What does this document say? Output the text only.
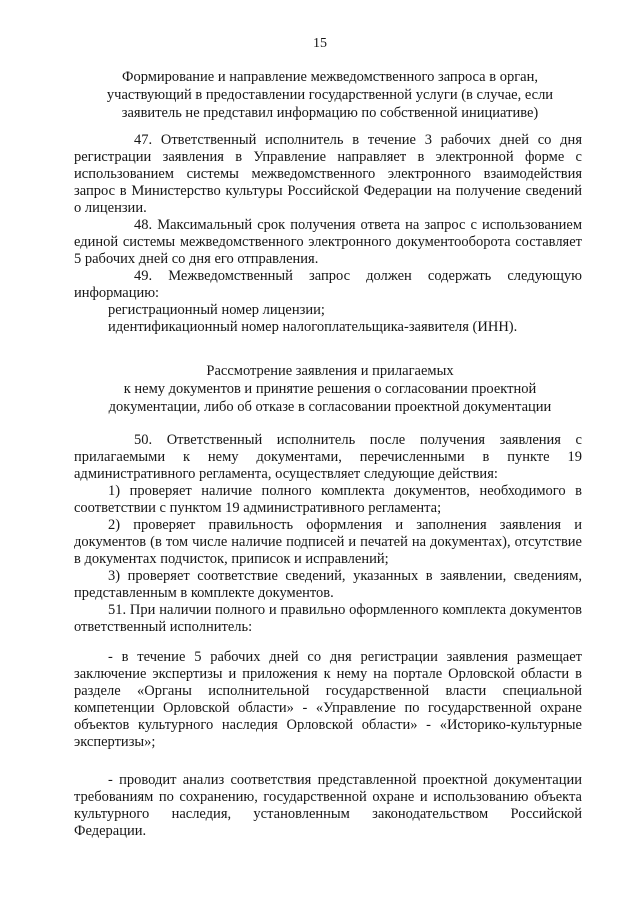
15
Формирование и направление межведомственного запроса в орган,
участвующий в предоставлении государственной услуги (в случае, если
заявитель не представил информацию по собственной инициативе)

47. Ответственный исполнитель в течение 3 рабочих дней со дня регистрации заявления в Управление направляет в электронной форме с использованием системы межведомственного электронного взаимодействия запрос в Министерство культуры Российской Федерации на получение сведений о лицензии.

48. Максимальный срок получения ответа на запрос с использованием единой системы межведомственного электронного документооборота составляет 5 рабочих дней со дня его отправления.

49. Межведомственный запрос должен содержать следующую информацию:

регистрационный номер лицензии;

идентификационный номер налогоплательщика-заявителя (ИНН).

Рассмотрение заявления и прилагаемых
к нему документов и принятие решения о согласовании проектной
документации, либо об отказе в согласовании проектной документации

50. Ответственный исполнитель после получения заявления с прилагаемыми к нему документами, перечисленными в пункте 19 административного регламента, осуществляет следующие действия:

1) проверяет наличие полного комплекта документов, необходимого в соответствии с пунктом 19 административного регламента;

2) проверяет правильность оформления и заполнения заявления и документов (в том числе наличие подписей и печатей на документах), отсутствие в документах подчисток, приписок и исправлений;

3) проверяет соответствие сведений, указанных в заявлении, сведениям, представленным в комплекте документов.

51. При наличии полного и правильно оформленного комплекта документов ответственный исполнитель:

- в течение 5 рабочих дней со дня регистрации заявления размещает заключение экспертизы и приложения к нему на портале Орловской области в разделе «Органы исполнительной государственной власти специальной компетенции Орловской области» - «Управление по государственной охране объектов культурного наследия Орловской области» - «Историко-культурные экспертизы»;

- проводит анализ соответствия представленной проектной документации требованиям по сохранению, государственной охране и использованию объекта культурного наследия, установленным законодательством Российской Федерации.
